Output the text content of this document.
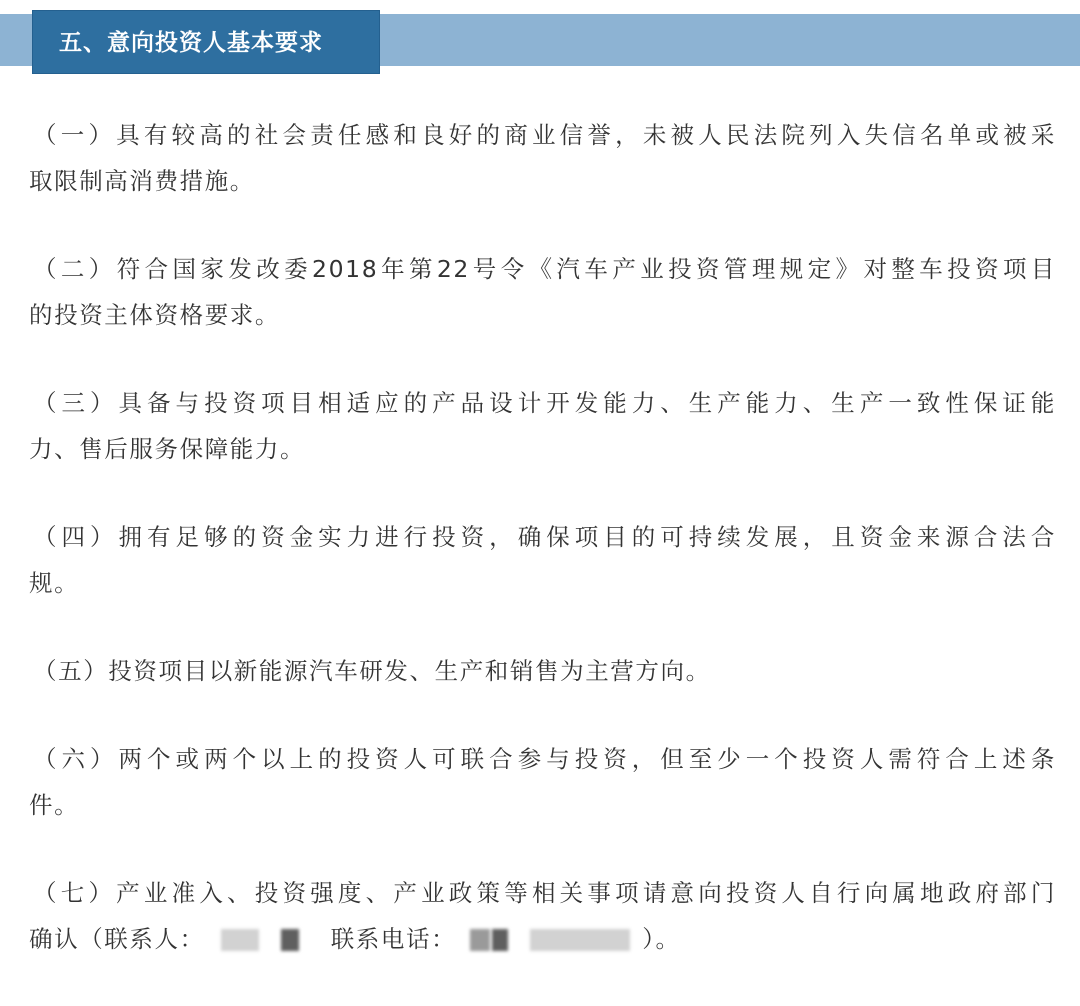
五、意向投资人基本要求
（一）具有较高的社会责任感和良好的商业信誉，未被人民法院列入失信名单或被采
取限制高消费措施。
（二）符合国家发改委2018年第22号令《汽车产业投资管理规定》对整车投资项目
的投资主体资格要求。
（三）具备与投资项目相适应的产品设计开发能力、生产能力、生产一致性保证能
力、售后服务保障能力。
（四）拥有足够的资金实力进行投资，确保项目的可持续发展，且资金来源合法合
规。
（五）投资项目以新能源汽车研发、生产和销售为主营方向。
（六）两个或两个以上的投资人可联合参与投资，但至少一个投资人需符合上述条
件。
（七）产业准入、投资强度、产业政策等相关事项请意向投资人自行向属地政府部门
确认（联系人：	联系电话：	）。
